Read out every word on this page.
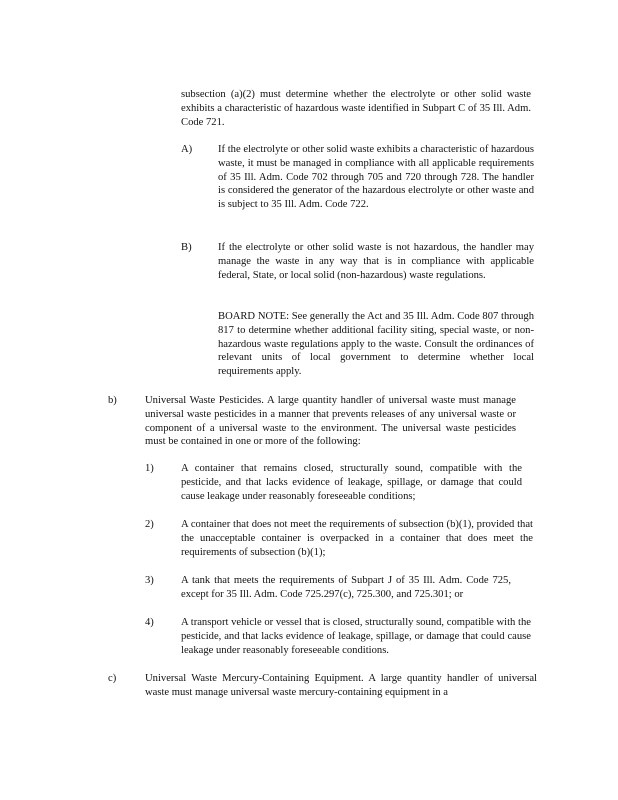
subsection (a)(2) must determine whether the electrolyte or other solid waste exhibits a characteristic of hazardous waste identified in Subpart C of 35 Ill. Adm. Code 721.

A) If the electrolyte or other solid waste exhibits a characteristic of hazardous waste, it must be managed in compliance with all applicable requirements of 35 Ill. Adm. Code 702 through 705 and 720 through 728. The handler is considered the generator of the hazardous electrolyte or other waste and is subject to 35 Ill. Adm. Code 722.

B) If the electrolyte or other solid waste is not hazardous, the handler may manage the waste in any way that is in compliance with applicable federal, State, or local solid (non-hazardous) waste regulations.

BOARD NOTE: See generally the Act and 35 Ill. Adm. Code 807 through 817 to determine whether additional facility siting, special waste, or non-hazardous waste regulations apply to the waste. Consult the ordinances of relevant units of local government to determine whether local requirements apply.

b)	Universal Waste Pesticides. A large quantity handler of universal waste must manage universal waste pesticides in a manner that prevents releases of any universal waste or component of a universal waste to the environment. The universal waste pesticides must be contained in one or more of the following:

1)	A container that remains closed, structurally sound, compatible with the pesticide, and that lacks evidence of leakage, spillage, or damage that could cause leakage under reasonably foreseeable conditions;

2)	A container that does not meet the requirements of subsection (b)(1), provided that the unacceptable container is overpacked in a container that does meet the requirements of subsection (b)(1);

3)	A tank that meets the requirements of Subpart J of 35 Ill. Adm. Code 725, except for 35 Ill. Adm. Code 725.297(c), 725.300, and 725.301; or

4)	A transport vehicle or vessel that is closed, structurally sound, compatible with the pesticide, and that lacks evidence of leakage, spillage, or damage that could cause leakage under reasonably foreseeable conditions.

c)	Universal Waste Mercury-Containing Equipment. A large quantity handler of universal waste must manage universal waste mercury-containing equipment in a
